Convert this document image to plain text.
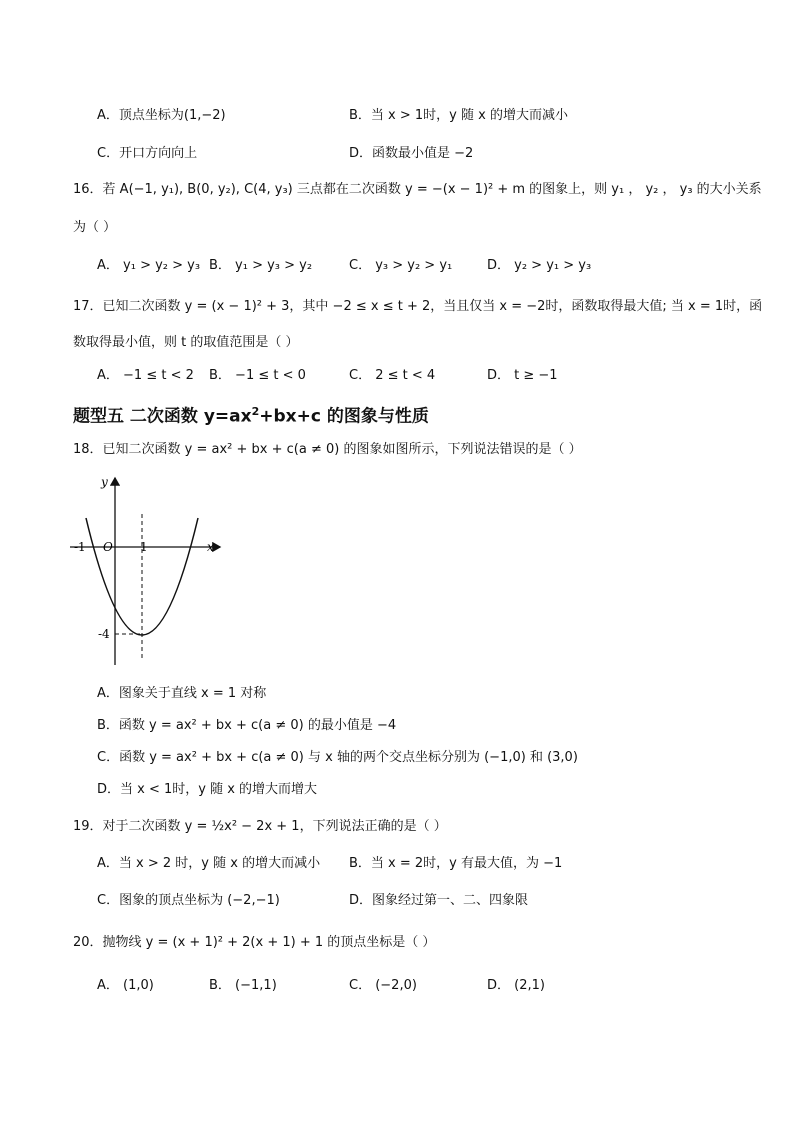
A．顶点坐标为(1,−2)	B．当 x > 1时，y 随 x 的增大而减小
C．开口方向向上	D．函数最小值是 −2
16．若 A(−1, y₁), B(0, y₂), C(4, y₃) 三点都在二次函数 y = −(x − 1)² + m 的图象上，则 y₁ ， y₂ ， y₃ 的大小关系
为（ ）
A． y₁ > y₂ > y₃ B． y₁ > y₃ > y₂	C． y₃ > y₂ > y₁	D． y₂ > y₁ > y₃
17．已知二次函数 y = (x − 1)² + 3，其中 −2 ≤ x ≤ t + 2，当且仅当 x = −2时，函数取得最大值; 当 x = 1时，函
数取得最小值，则 t 的取值范围是（ ）
A． −1 ≤ t < 2 B． −1 ≤ t < 0	C． 2 ≤ t < 4	D． t ≥ −1
题型五 二次函数 $y=ax^2+bx+c$ 的图象与性质
18．已知二次函数 y = ax² + bx + c(a ≠ 0) 的图象如图所示，下列说法错误的是（ ）
y
x
O
-1	1
-4
A．图象关于直线 x = 1 对称
B．函数 y = ax² + bx + c(a ≠ 0) 的最小值是 −4
C．函数 y = ax² + bx + c(a ≠ 0) 与 x 轴的两个交点坐标分别为 (−1,0) 和 (3,0)
D．当 x < 1时，y 随 x 的增大而增大
19．对于二次函数 y = ½x² − 2x + 1，下列说法正确的是（ ）
A．当 x > 2 时，y 随 x 的增大而减小 B．当 x = 2时，y 有最大值，为 −1
C．图象的顶点坐标为 (−2,−1)	D．图象经过第一、二、四象限
20．抛物线 y = (x + 1)² + 2(x + 1) + 1 的顶点坐标是（ ）
A． (1,0)	B． (−1,1)	C． (−2,0)	D． (2,1)
